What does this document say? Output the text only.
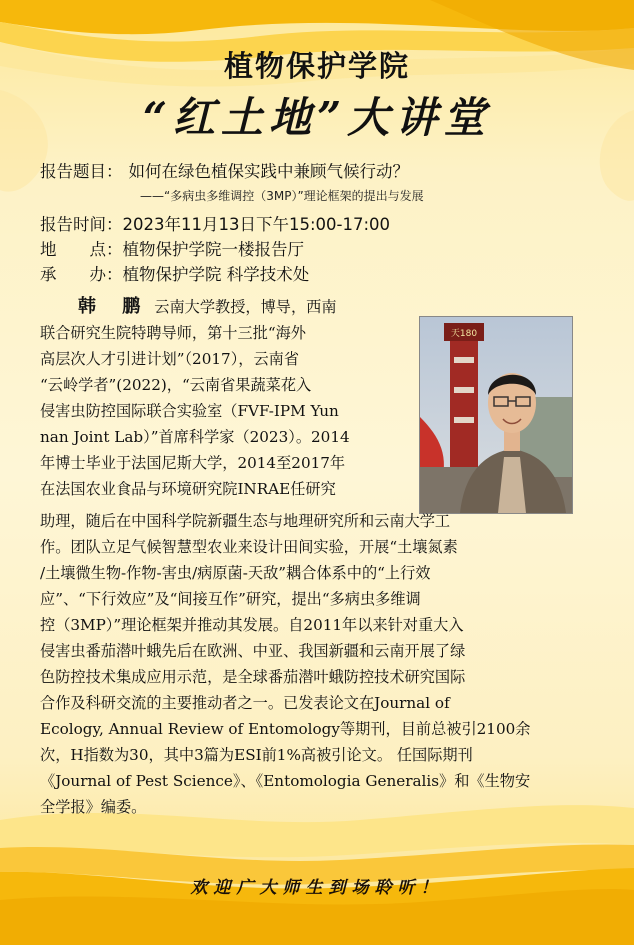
植物保护学院
“红土地”大讲堂
报告题目： 如何在绿色植保实践中兼顾气候行动？
——“多病虫多维调控（3MP）”理论框架的提出与发展
报告时间：2023年11月13日下午15:00-17:00
地　　点：植物保护学院一楼报告厅
承　　办：植物保护学院 科学技术处
天180
韩 鹏 云南大学教授，博导，西南
联合研究生院特聘导师，第十三批“海外
高层次人才引进计划”（2017），云南省
“云岭学者”(2022)，“云南省果蔬菜花入
侵害虫防控国际联合实验室（FVF-IPM Yun
nan Joint Lab）”首席科学家（2023）。2014
年博士毕业于法国尼斯大学，2014至2017年
在法国农业食品与环境研究院INRAE任研究
助理，随后在中国科学院新疆生态与地理研究所和云南大学工
作。团队立足气候智慧型农业来设计田间实验，开展“土壤氮素
/土壤微生物-作物-害虫/病原菌-天敌”耦合体系中的“上行效
应”、“下行效应”及“间接互作”研究，提出“多病虫多维调
控（3MP）”理论框架并推动其发展。自2011年以来针对重大入
侵害虫番茄潜叶蛾先后在欧洲、中亚、我国新疆和云南开展了绿
色防控技术集成应用示范，是全球番茄潜叶蛾防控技术研究国际
合作及科研交流的主要推动者之一。已发表论文在Journal of
Ecology, Annual Review of Entomology等期刊，目前总被引2100余
次，H指数为30，其中3篇为ESI前1%高被引论文。 任国际期刊
《Journal of Pest Science》、《Entomologia Generalis》和《生物安
全学报》编委。
欢迎广大师生到场聆听！
